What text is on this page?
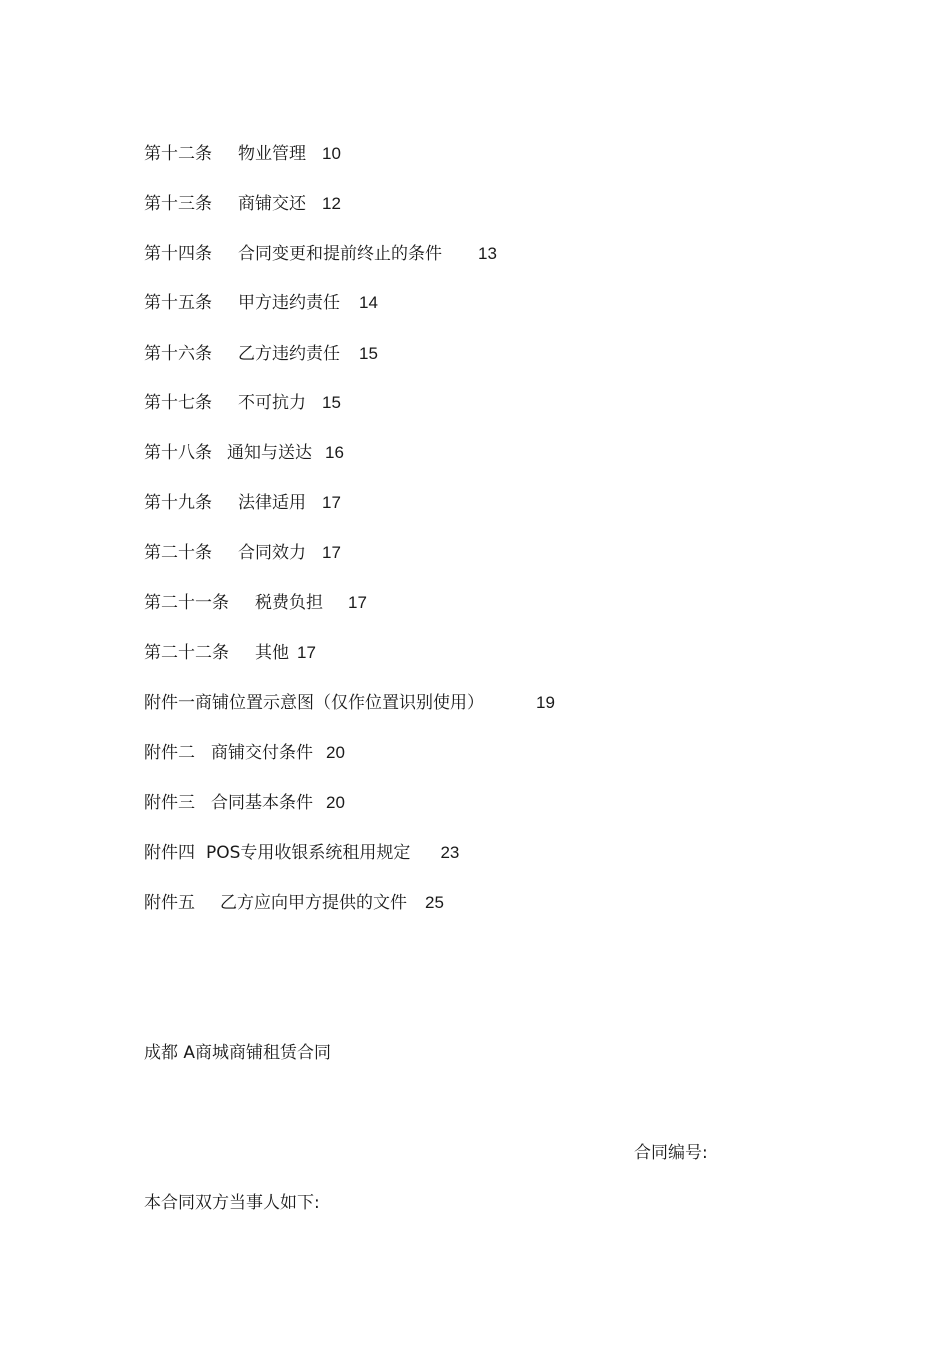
第十二条 物业管理 10
第十三条 商铺交还 12
第十四条 合同变更和提前终止的条件 13
第十五条 甲方违约责任 14
第十六条 乙方违约责任 15
第十七条 不可抗力 15
第十八条 通知与送达 16
第十九条 法律适用 17
第二十条 合同效力 17
第二十一条 税费负担 17
第二十二条 其他 17
附件一商铺位置示意图（仅作位置识别使用）	19
附件二 商铺交付条件 20
附件三 合同基本条件 20
附件四 POS专用收银系统租用规定 23
附件五 乙方应向甲方提供的文件 25
成都 A商城商铺租赁合同
合同编号:
本合同双方当事人如下:
